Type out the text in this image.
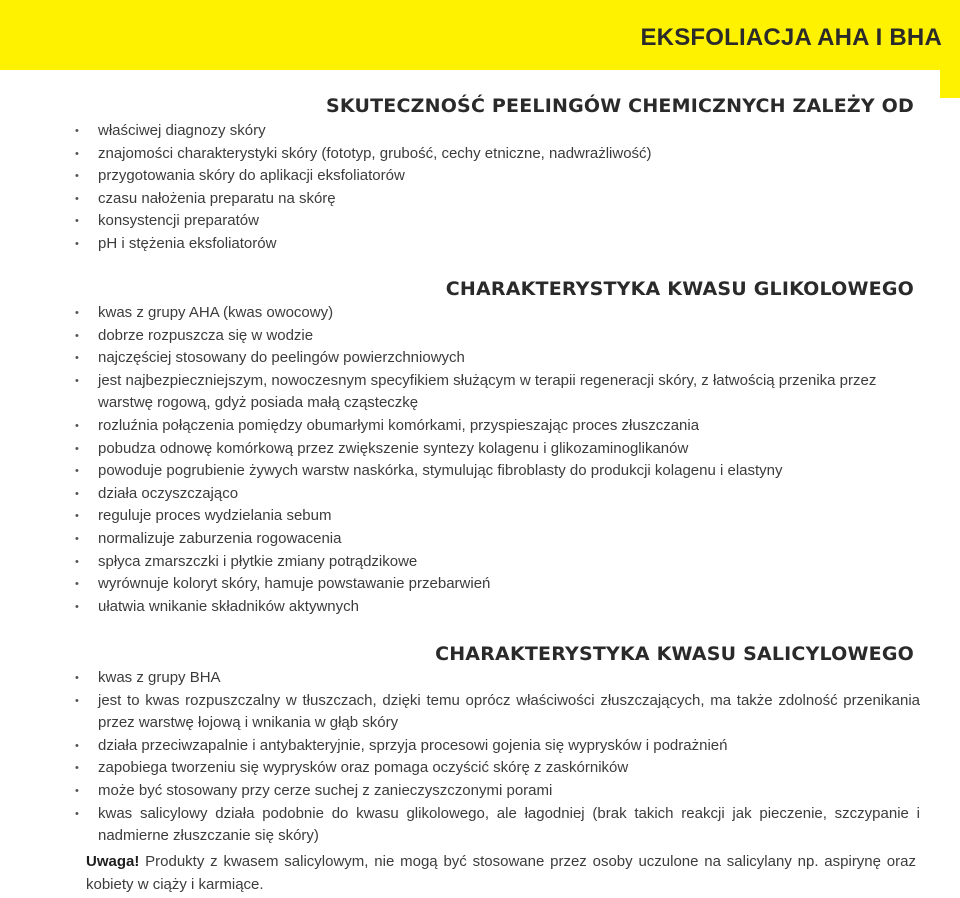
EKSFOLIACJA AHA I BHA
SKUTECZNOŚĆ PEELINGÓW CHEMICZNYCH ZALEŻY OD
• właściwej diagnozy skóry
• znajomości charakterystyki skóry (fototyp, grubość, cechy etniczne, nadwrażliwość)
• przygotowania skóry do aplikacji eksfoliatorów
• czasu nałożenia preparatu na skórę
• konsystencji preparatów
• pH i stężenia eksfoliatorów
CHARAKTERYSTYKA KWASU GLIKOLOWEGO
• kwas z grupy AHA (kwas owocowy)
• dobrze rozpuszcza się w wodzie
• najczęściej stosowany do peelingów powierzchniowych
• jest najbezpieczniejszym, nowoczesnym specyfikiem służącym w terapii regeneracji skóry, z łatwością przenika przez warstwę rogową, gdyż posiada małą cząsteczkę
• rozluźnia połączenia pomiędzy obumarłymi komórkami, przyspieszając proces złuszczania
• pobudza odnowę komórkową przez zwiększenie syntezy kolagenu i glikozaminoglikanów
• powoduje pogrubienie żywych warstw naskórka, stymulując fibroblasty do produkcji kolagenu i elastyny
• działa oczyszczająco
• reguluje proces wydzielania sebum
• normalizuje zaburzenia rogowacenia
• spłyca zmarszczki i płytkie zmiany potrądzikowe
• wyrównuje koloryt skóry, hamuje powstawanie przebarwień
• ułatwia wnikanie składników aktywnych
CHARAKTERYSTYKA KWASU SALICYLOWEGO
• kwas z grupy BHA
• jest to kwas rozpuszczalny w tłuszczach, dzięki temu oprócz właściwości złuszczających, ma także zdolność przenikania przez warstwę łojową i wnikania w głąb skóry
• działa przeciwzapalnie i antybakteryjnie, sprzyja procesowi gojenia się wyprysków i podrażnień
• zapobiega tworzeniu się wyprysków oraz pomaga oczyścić skórę z zaskórników
• może być stosowany przy cerze suchej z zanieczyszczonymi porami
• kwas salicylowy działa podobnie do kwasu glikolowego, ale łagodniej (brak takich reakcji jak pieczenie, szczypanie i nadmierne złuszczanie się skóry)

Uwaga! Produkty z kwasem salicylowym, nie mogą być stosowane przez osoby uczulone na salicylany np. aspirynę oraz kobiety w ciąży i karmiące.
